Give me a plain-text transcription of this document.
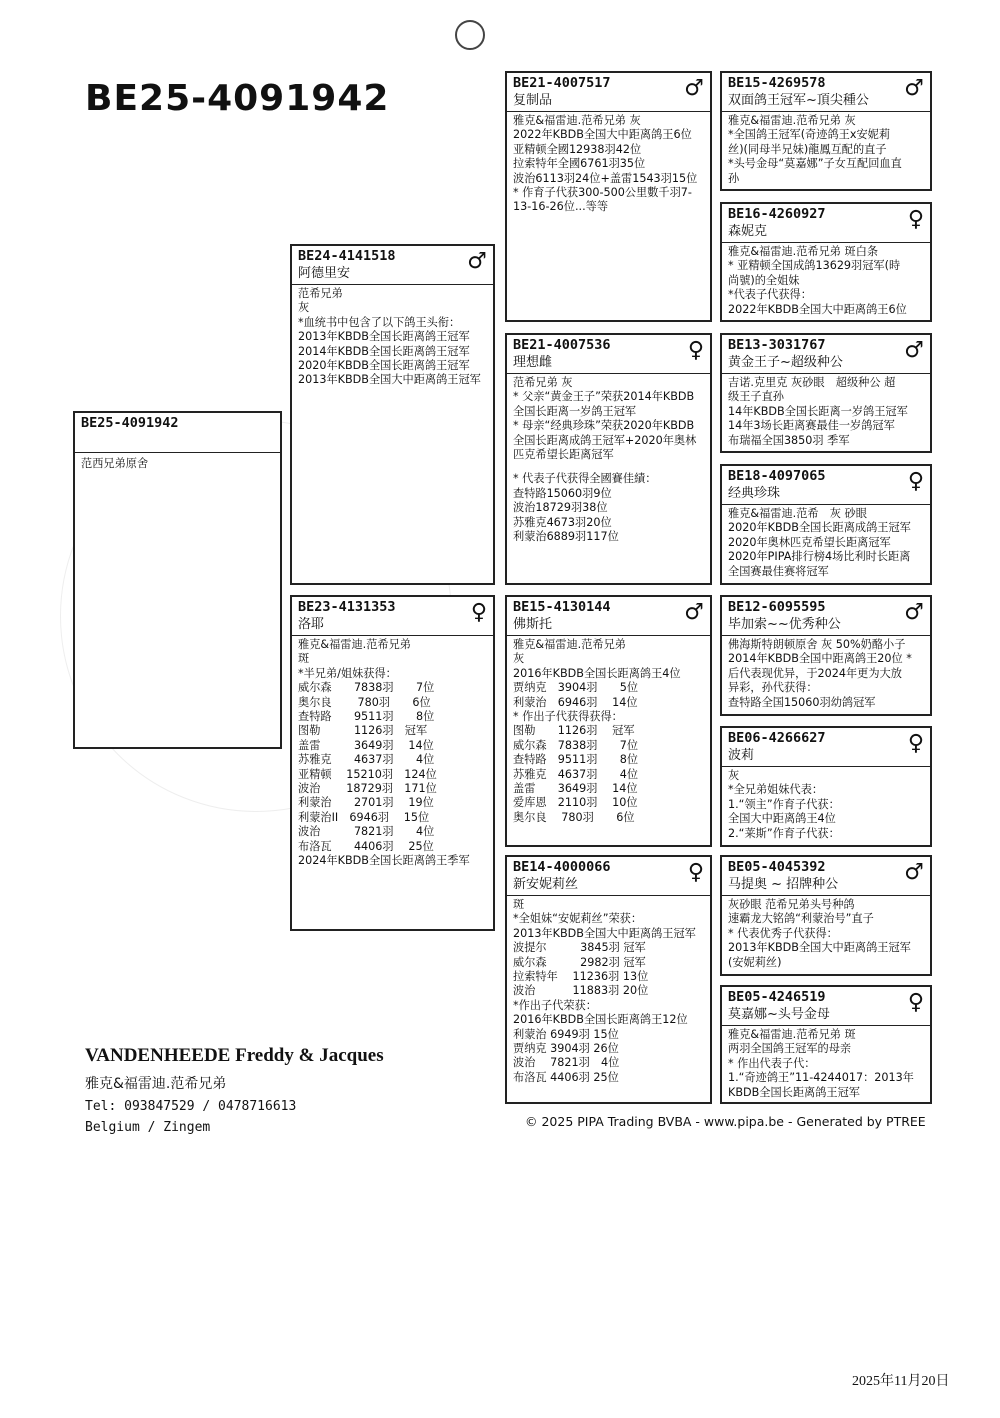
BE25-4091942
BE25-4091942
范西兄弟原舍
BE24-4141518
阿德里安	♂
范希兄弟
灰
*血统书中包含了以下鸽王头衔：
2013年KBDB全国长距离鸽王冠军
2014年KBDB全国长距离鸽王冠军
2020年KBDB全国长距离鸽王冠军
2013年KBDB全国大中距离鸽王冠军
BE23-4131353
洛耶	♀
雅克&福雷迪.范希兄弟
斑
*半兄弟/姐妹获得：
威尔森　　7838羽　　7位
奥尔良　　 780羽　　6位
查特路　　9511羽　　8位
图勒　　　1126羽　冠军
盖雷　　　3649羽　 14位
苏雅克　　4637羽　　4位
亚精顿　 15210羽　124位
波治　　 18729羽　171位
利蒙治　　2701羽　 19位
利蒙治II　6946羽　 15位
波治　　　7821羽　　4位
布洛瓦　　4406羽　 25位
2024年KBDB全国长距离鸽王季军
BE21-4007517
复制品	♂
雅克&福雷迪.范希兄弟 灰
2022年KBDB全国大中距离鸽王6位
亚精顿全國12938羽42位
拉索特年全國6761羽35位
波治6113羽24位+盖雷1543羽15位
* 作育子代获300-500公里數千羽7-
13-16-26位...等等
BE21-4007536
理想雌	♀
范希兄弟 灰
* 父亲“黄金王子”荣获2014年KBDB
全国长距离一岁鸽王冠军
* 母亲“经典珍珠”荣获2020年KBDB
全国长距离成鸽王冠军+2020年奥林
匹克希望长距离冠军
* 代表子代获得全國賽佳績：
查特路15060羽9位
波治18729羽38位
苏雅克4673羽20位
利蒙治6889羽117位
BE15-4130144
佛斯托	♂
雅克&福雷迪.范希兄弟
灰
2016年KBDB全国长距离鸽王4位
贾纳克　3904羽　　5位
利蒙治　6946羽　 14位
* 作出子代获得获得：
图勒　　1126羽　 冠军
威尔森　7838羽　　7位
查特路　9511羽　　8位
苏雅克　4637羽　　4位
盖雷　　3649羽　 14位
爱库恩　2110羽　 10位
奥尔良　 780羽　　6位
BE14-4000066
新安妮莉丝	♀
斑
*全姐妹“安妮莉丝”荣获：
2013年KBDB全国大中距离鸽王冠军
波提尔　　　3845羽 冠军
威尔森　　　2982羽 冠军
拉索特年　 11236羽 13位
波治　　　 11883羽 20位
*作出子代荣获：
2016年KBDB全国长距离鸽王12位
利蒙治 6949羽 15位
贾纳克 3904羽 26位
波治　 7821羽　4位
布洛瓦 4406羽 25位
BE15-4269578
双面鸽王冠军~頂尖種公	♂
雅克&福雷迪.范希兄弟 灰
*全国鸽王冠军(奇迹鸽王x安妮莉
丝)(同母半兄妹)龍鳳互配的直子
*头号金母“莫嘉娜”子女互配回血直
孙
BE16-4260927
森妮克	♀
雅克&福雷迪.范希兄弟 斑白条
* 亚精顿全国成鸽13629羽冠军(時
尚號)的全姐妹
*代表子代获得：
2022年KBDB全国大中距离鸽王6位
BE13-3031767
黄金王子~超级种公	♂
吉诺.克里克 灰砂眼　超级种公 超
级王子直孙
14年KBDB全国长距离一岁鸽王冠军
14年3场长距离赛最佳一岁鸽冠军
布瑞福全国3850羽 季军
BE18-4097065
经典珍珠	♀
雅克&福雷迪.范希　灰 砂眼
2020年KBDB全国长距离成鸽王冠军
2020年奥林匹克希望长距离冠军
2020年PIPA排行榜4场比利时长距离
全国赛最佳赛将冠军
BE12-6095595
毕加索~~优秀种公	♂
佛海斯特朗顿原舍 灰 50%奶酪小子
2014年KBDB全国中距离鸽王20位 *
后代表现优异，于2024年更为大放
异彩，孙代获得：
查特路全国15060羽幼鸽冠军
BE06-4266627
波莉	♀
灰
*全兄弟姐妹代表：
1.“领主”作育子代获：
全国大中距离鸽王4位
2.“莱斯”作育子代获：
BE05-4045392
马提奥 ~ 招牌种公	♂
灰砂眼 范希兄弟头号种鸽
速霸龙大铭鸽“利蒙治号”直子
* 代表优秀子代获得：
2013年KBDB全国大中距离鸽王冠军
(安妮莉丝)
BE05-4246519
莫嘉娜~头号金母	♀
雅克&福雷迪.范希兄弟 斑
两羽全国鸽王冠军的母亲
* 作出代表子代：
1.“奇迹鸽王”11-4244017：2013年
KBDB全国长距离鸽王冠军
VANDENHEEDE Freddy & Jacques
雅克&福雷迪.范希兄弟
Tel: 093847529 / 0478716613
Belgium / Zingem	© 2025 PIPA Trading BVBA - www.pipa.be - Generated by PTREE
2025年11月20日
